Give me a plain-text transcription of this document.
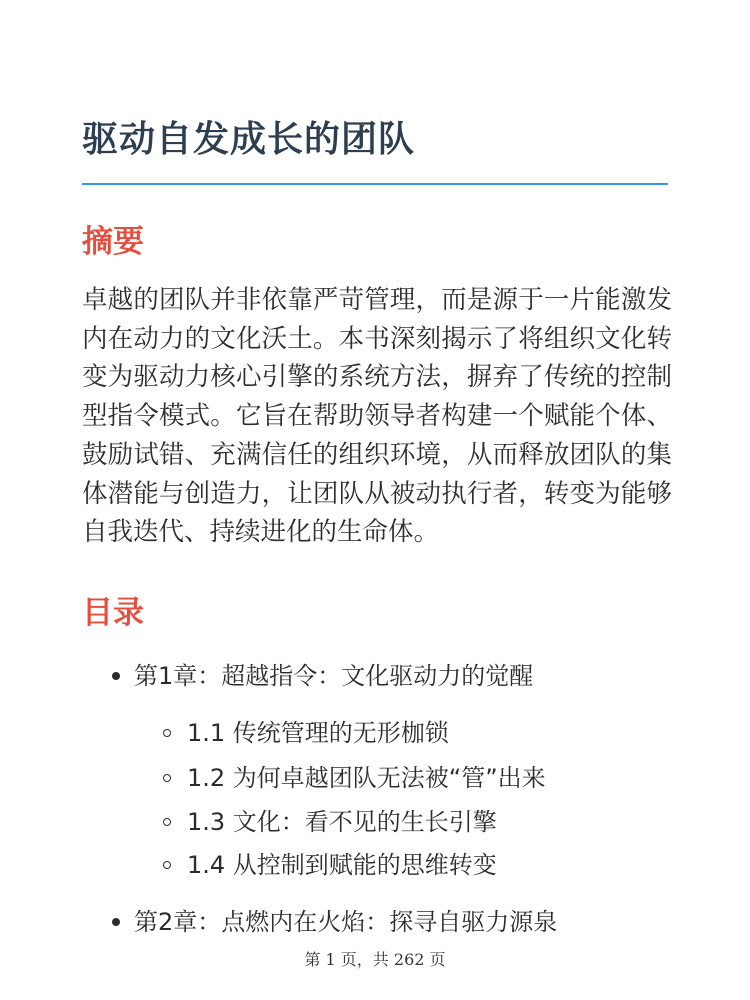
驱动自发成长的团队
摘要

卓越的团队并非依靠严苛管理，而是源于一片能激发内在动力的文化沃土。本书深刻揭示了将组织文化转变为驱动力核心引擎的系统方法，摒弃了传统的控制型指令模式。它旨在帮助领导者构建一个赋能个体、鼓励试错、充满信任的组织环境，从而释放团队的集体潜能与创造力，让团队从被动执行者，转变为能够自我迭代、持续进化的生命体。

目录
第1章：超越指令：文化驱动力的觉醒
1.1 传统管理的无形枷锁
1.2 为何卓越团队无法被“管”出来
1.3 文化：看不见的生长引擎
1.4 从控制到赋能的思维转变
第2章：点燃内在火焰：探寻自驱力源泉
第 1 页，共 262 页
